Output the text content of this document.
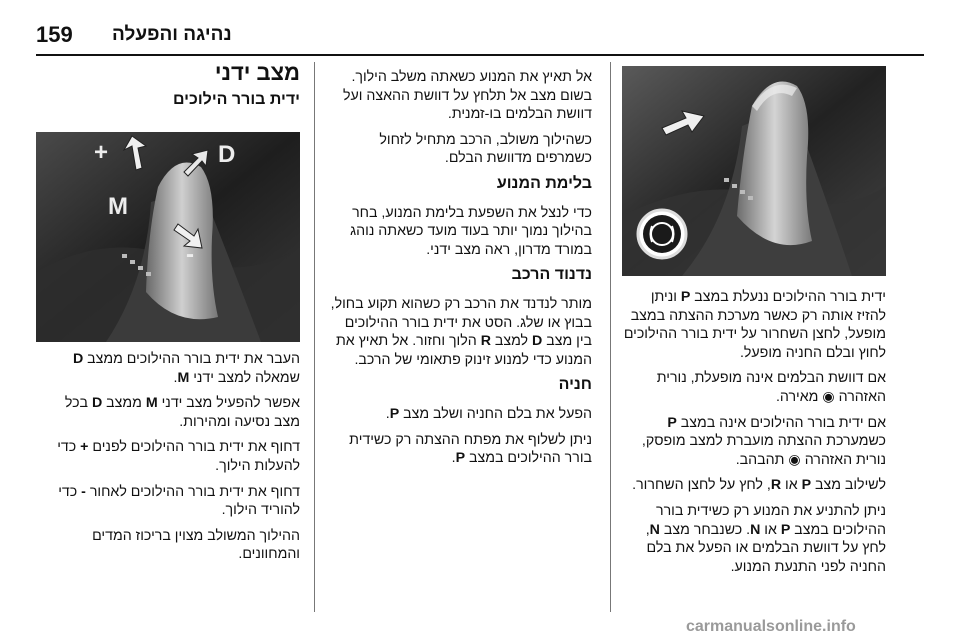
159 נהיגה והפעלה

ידית בורר ההילוכים ננעלת במצב P וניתן להזיז אותה רק כאשר מערכת ההצתה במצב מופעל, לחצן השחרור על ידית בורר ההילוכים לחוץ ובלם החניה מופעל.

אם דוושת הבלמים אינה מופעלת, נורית האזהרה ◉ מאירה.

אם ידית בורר ההילוכים אינה במצב P כשמערכת ההצתה מועברת למצב מופסק, נורית האזהרה ◉ תהבהב.

לשילוב מצב P או R, לחץ על לחצן השחרור.

ניתן להתניע את המנוע רק כשידית בורר ההילוכים במצב P או N. כשנבחר מצב N, לחץ על דוושת הבלמים או הפעל את בלם החניה לפני התנעת המנוע.

אל תאיץ את המנוע כשאתה משלב הילוך. בשום מצב אל תלחץ על דוושת ההאצה ועל דוושת הבלמים בו-זמנית.

כשהילוך משולב, הרכב מתחיל לזחול כשמרפים מדוושת הבלם.

בלימת המנוע

כדי לנצל את השפעת בלימת המנוע, בחר בהילוך נמוך יותר בעוד מועד כשאתה נוהג במורד מדרון, ראה מצב ידני.

נדנוד הרכב

מותר לנדנד את הרכב רק כשהוא תקוע בחול, בבוץ או שלג. הסט את ידית בורר ההילוכים בין מצב D למצב R הלוך וחזור. אל תאיץ את המנוע כדי למנוע זינוק פתאומי של הרכב.

חניה

הפעל את בלם החניה ושלב מצב P.

ניתן לשלוף את מפתח ההצתה רק כשידית בורר ההילוכים במצב P.

מצב ידני
ידית בורר הילוכים
+
M
D
-

העבר את ידית בורר ההילוכים ממצב D שמאלה למצב ידני M.

אפשר להפעיל מצב ידני M ממצב D בכל מצב נסיעה ומהירות.

דחוף את ידית בורר ההילוכים לפנים + כדי להעלות הילוך.

דחוף את ידית בורר ההילוכים לאחור - כדי להוריד הילוך.

ההילוך המשולב מצוין בריכוז המדים והמחוונים.

carmanualsonline.info
